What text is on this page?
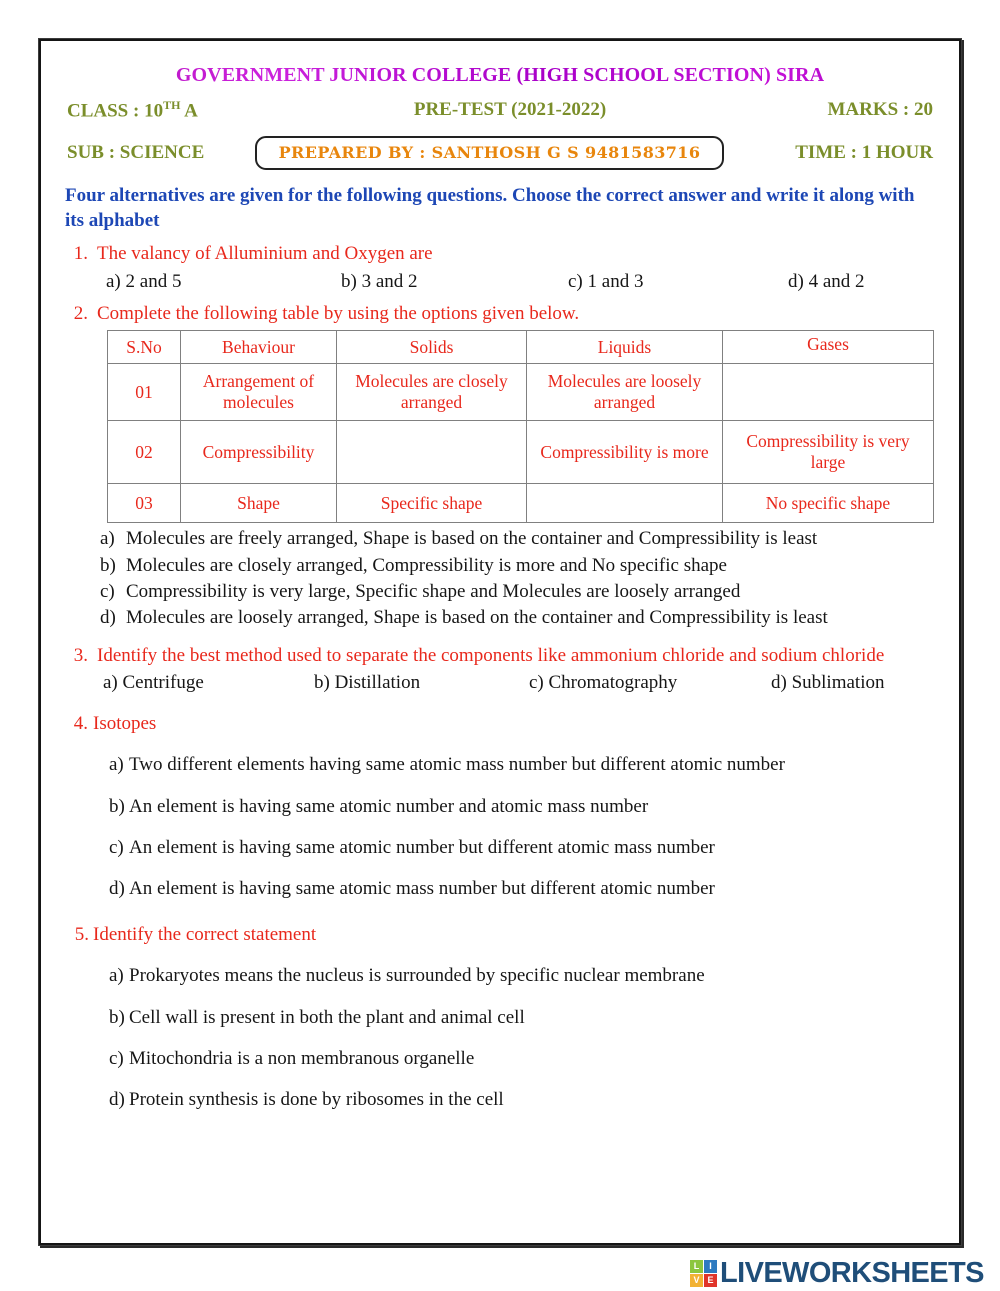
GOVERNMENT JUNIOR COLLEGE (HIGH SCHOOL SECTION) SIRA
CLASS : 10TH A	PRE-TEST (2021-2022)	MARKS : 20
SUB : SCIENCE	PREPARED BY : SANTHOSH G S 9481583716	TIME : 1 HOUR
Four alternatives are given for the following questions. Choose the correct answer and write it along with its alphabet
1. The valancy of Alluminium and Oxygen are
a) 2 and 5	b) 3 and 2	c) 1 and 3	d) 4 and 2
2. Complete the following table by using the options given below.
S.No	Behaviour	Solids	Liquids	Gases
01	Arrangement of molecules	Molecules are closely arranged	Molecules are loosely arranged	
02	Compressibility		Compressibility is more	Compressibility is very large
03	Shape	Specific shape		No specific shape
a) Molecules are freely arranged, Shape is based on the container and Compressibility is least
b) Molecules are closely arranged, Compressibility is more and No specific shape
c) Compressibility is very large, Specific shape and Molecules are loosely arranged
d) Molecules are loosely arranged, Shape is based on the container and Compressibility is least
3. Identify the best method used to separate the components like ammonium chloride and sodium chloride
a) Centrifuge	b) Distillation	c) Chromatography	d) Sublimation
4. Isotopes
a) Two different elements having same atomic mass number but different atomic number
b) An element is having same atomic number and atomic mass number
c) An element is having same atomic number but different atomic mass number
d) An element is having same atomic mass number but different atomic number
5. Identify the correct statement
a) Prokaryotes means the nucleus is surrounded by specific nuclear membrane
b) Cell wall is present in both the plant and animal cell
c) Mitochondria is a non membranous organelle
d) Protein synthesis is done by ribosomes in the cell
L	I
V E LIVEWORKSHEETS
